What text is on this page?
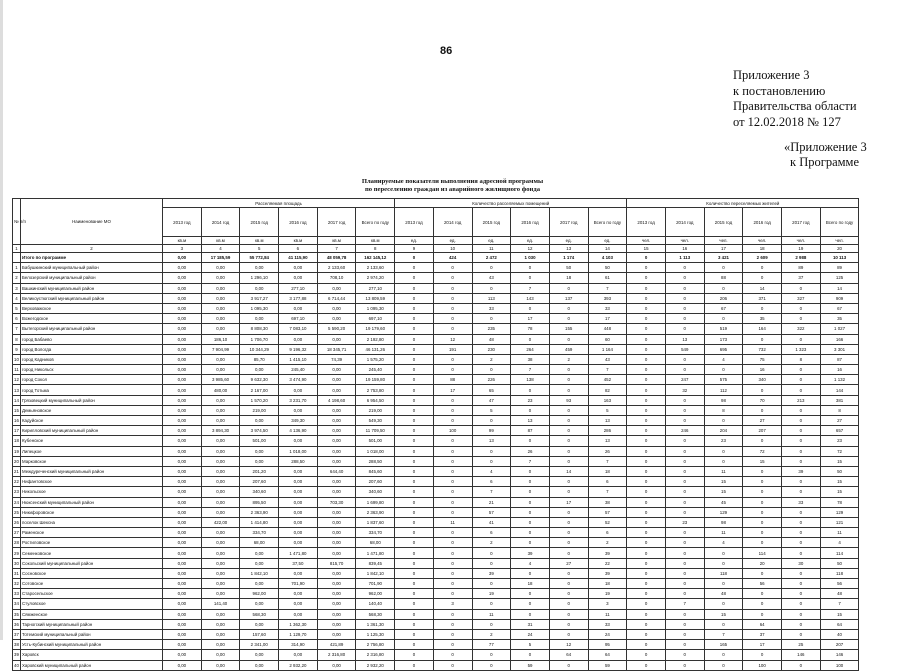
86
Приложение 3
к постановлению
Правительства области
от 12.02.2018 № 127
«Приложение 3
к Программе
Планируемые показатели выполнения адресной программы
по переселению граждан из аварийного жилищного фонда
№ п/п	Наименование МО	Расселяемая площадь						Количество расселяемых помещений						Количество переселяемых жителей					
		2013 год	2014 год	2015 год	2016 год	2017 год	Всего по году	2013 год	2014 год	2015 год	2016 год	2017 год	Всего по году	2013 год	2014 год	2015 год	2016 год	2017 год	Всего по году
		кв.м	кв.м	кв.м	кв.м	кв.м	кв.м	ед.	ед.	ед.	ед.	ед.	ед.	чел.	чел.	чел.	чел.	чел.	чел.
1	2	3	4	5	6	7	8	9	10	11	12	13	14	15	16	17	18	19	20
	Итого по программе	0,00	17 185,59	55 772,84	41 115,90	48 059,78	162 145,12	0	424	2 472	1 030	1 174	4 103	0	1 113	3 421	2 609	2 988	10 113
1	Бабушкинский муниципальный район	0,00	0,00	0,00	0,00	2 133,60	2 133,60	0	0	0	0	50	50	0	0	0	0	89	89
2	Белозерский муниципальный район	0,00	0,00	1 296,10	0,00	708,10	2 974,20	0	0	43	0	18	61	0	0	88	0	37	125
3	Вашкинский муниципальный район	0,00	0,00	0,00	277,10	0,00	277,10	0	0	0	7	0	7	0	0	0	14	0	14
4	Великоустюгский муниципальный район	0,00	0,00	3 917,27	3 177,88	6 714,44	13 809,59	0	0	113	143	137	393	0	0	206	371	327	909
5	Верховажское	0,00	0,00	1 095,30	0,00	0,00	1 095,30	0	0	33	0	0	33	0	0	67	0	0	67
6	Вожегодское	0,00	0,00	0,00	697,10	0,00	697,10	0	0	0	17	0	17	0	0	0	35	0	35
7	Вытегорский муниципальный район	0,00	0,00	8 808,30	7 083,10	5 590,20	19 179,60	0	0	235	78	155	448	0	0	519	164	322	1 027
8	город Бабаево	0,00	186,10	1 706,70	0,00	0,00	2 192,80	0	12	48	0	0	60	0	13	173	0	0	166
9	город Вологда	0,00	7 904,99	10 344,29	9 196,32	18 345,71	46 131,26	0	191	230	264	459	1 164	0	549	695	732	1 323	3 301
10	город Кадников	0,00	0,00	85,70	1 415,10	74,39	1 575,20	0	0	2	38	2	43	0	0	4	75	8	87
11	город Никольск	0,00	0,00	0,00	245,40	0,00	245,40	0	0	0	7	0	7	0	0	0	16	0	16
12	город Сокол	0,00	3 985,60	9 632,30	3 474,90	0,00	19 159,80	0	88	226	138	0	452	0	247	575	340	0	1 132
13	город Тотьма	0,00	480,00	2 167,00	0,00	0,00	2 753,80	0	17	65	0	0	82	0	32	112	0	0	144
14	Грязовецкий муниципальный район	0,00	0,00	1 570,20	3 231,70	4 198,60	6 954,50	0	0	47	23	93	163	0	0	98	70	213	381
15	Демьяновское	0,00	0,00	219,00	0,00	0,00	219,00	0	0	5	0	0	5	0	0	8	0	0	8
16	Кадуйское	0,00	0,00	0,00	349,30	0,00	549,30	0	0	0	13	0	13	0	0	0	27	0	27
17	Кирилловский муниципальный район	0,00	3 894,30	3 974,50	4 136,90	0,00	11 709,50	0	100	99	87	0	286	0	246	204	207	0	657
18	Кубенское	0,00	0,00	501,00	0,00	0,00	501,00	0	0	13	0	0	13	0	0	23	0	0	23
19	Липецкое	0,00	0,00	0,00	1 018,00	0,00	1 018,00	0	0	0	26	0	26	0	0	0	72	0	72
20	Марковское	0,00	0,00	0,00	288,50	0,00	288,50	0	0	0	7	0	7	0	0	0	15	0	15
21	Междуреченский муниципальный район	0,00	0,00	201,20	0,00	644,40	845,60	0	0	4	0	14	18	0	0	11	0	39	50
22	Нифантовское	0,00	0,00	207,60	0,00	0,00	207,60	0	0	6	0	0	6	0	0	15	0	0	15
23	Никольское	0,00	0,00	340,60	0,00	0,00	340,60	0	0	7	0	0	7	0	0	15	0	0	15
24	Нюксенский муниципальный район	0,00	0,00	895,50	0,00	703,30	1 699,80	0	0	21	0	17	38	0	0	45	0	33	78
25	Никифоровское	0,00	0,00	2 363,90	0,00	0,00	2 363,90	0	0	57	0	0	57	0	0	129	0	0	129
26	поселок Шексна	0,00	422,00	1 414,80	0,00	0,00	1 837,60	0	11	41	0	0	52	0	23	98	0	0	121
27	Раменское	0,00	0,00	334,70	0,00	0,00	334,70	0	0	6	0	0	6	0	0	11	0	0	11
28	Ростиловское	0,00	0,00	68,00	0,00	0,00	68,00	0	0	2	0	0	2	0	0	4	0	0	4
29	Семенковское	0,00	0,00	0,00	1 471,80	0,00	1 471,80	0	0	0	39	0	39	0	0	0	114	0	114
30	Сокольский муниципальный район	0,00	0,00	0,00	37,50	815,70	839,45	0	0	0	4	27	22	0	0	0	20	30	50
31	Сосновское	0,00	0,00	1 842,10	0,00	0,00	1 842,10	0	0	39	0	0	39	0	0	118	0	0	118
32	Сотовское	0,00	0,00	0,00	701,90	0,00	701,90	0	0	0	18	0	18	0	0	0	56	0	56
33	Старосельское	0,00	0,00	962,00	0,00	0,00	962,00	0	0	19	0	0	19	0	0	48	0	0	48
34	Стуловское	0,00	141,40	0,00	0,00	0,00	140,40	0	3	0	0	0	3	0	7	0	0	0	7
35	Сямженское	0,00	0,00	568,30	0,00	0,00	568,30	0	0	11	0	0	11	0	0	15	0	0	15
36	Тарногский муниципальный район	0,00	0,00	0,00	1 362,30	0,00	1 361,30	0	0	0	31	0	33	0	0	0	64	0	64
37	Тотемский муниципальный район	0,00	0,00	157,60	1 129,70	0,00	1 125,30	0	0	2	24	0	24	0	0	7	37	0	40
38	Усть-Кубинский муниципальный район	0,00	0,00	2 341,00	314,90	421,89	2 756,80	0	0	77	5	12	95	0	0	165	17	25	207
39	Харовск	0,00	0,00	0,00	0,00	2 316,80	2 316,80	0	0	0	0	64	64	0	0	0	0	146	146
40	Харовский муниципальный район	0,00	0,00	0,00	2 932,20	0,00	2 932,20	0	0	0	59	0	59	0	0	0	100	0	100
